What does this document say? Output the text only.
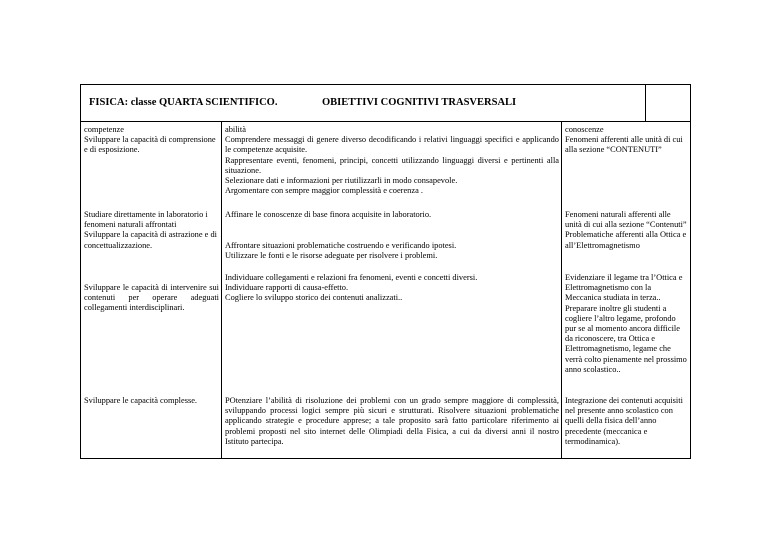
FISICA: classe QUARTA SCIENTIFICO.	OBIETTIVI COGNITIVI TRASVERSALI

competenze

Sviluppare la capacità di comprensione e di esposizione.

abilità

Comprendere messaggi di genere diverso decodificando i relativi linguaggi specifici e applicando le competenze acquisite.

Rappresentare eventi, fenomeni, principi, concetti utilizzando linguaggi diversi e pertinenti alla situazione.

Selezionare dati e informazioni per riutilizzarli in modo consapevole.

Argomentare con sempre maggior complessità e coerenza .

conoscenze

Fenomeni afferenti alle unità di cui alla sezione “CONTENUTI”

Studiare direttamente in laboratorio i fenomeni naturali affrontati

Sviluppare la capacità di astrazione e di concettualizzazione.

Affinare le conoscenze di base finora acquisite in laboratorio.

Affrontare situazioni problematiche costruendo e verificando ipotesi.

Utilizzare le fonti e le risorse adeguate per risolvere i problemi.

Fenomeni naturali afferenti alle unità di cui alla sezione “Contenuti”

Problematiche afferenti alla Ottica e all’Elettromagnetismo

Sviluppare le capacità di intervenire sui contenuti per operare adeguati collegamenti interdisciplinari.

Individuare collegamenti e relazioni fra fenomeni, eventi e concetti diversi.

Individuare rapporti di causa-effetto.

Cogliere lo sviluppo storico dei contenuti analizzati..

Evidenziare il legame tra l’Ottica e Elettromagnetismo con la Meccanica studiata in terza..

Preparare inoltre gli studenti a cogliere l’altro legame, profondo pur se al momento ancora difficile da riconoscere, tra Ottica e Elettromagnetismo, legame che verrà colto pienamente nel prossimo anno scolastico..

Sviluppare le capacità complesse.	POtenziare l’abilità di risoluzione dei problemi con un grado sempre maggiore di complessità, sviluppando processi logici sempre più sicuri e strutturati. Risolvere situazioni problematiche applicando strategie e procedure apprese; a tale proposito sarà fatto particolare riferimento ai problemi proposti nel sito internet delle Olimpiadi della Fisica, a cui da diversi anni il nostro Istituto partecipa.

Integrazione dei contenuti acquisiti nel presente anno scolastico con quelli della fisica dell’anno precedente (meccanica e termodinamica).
